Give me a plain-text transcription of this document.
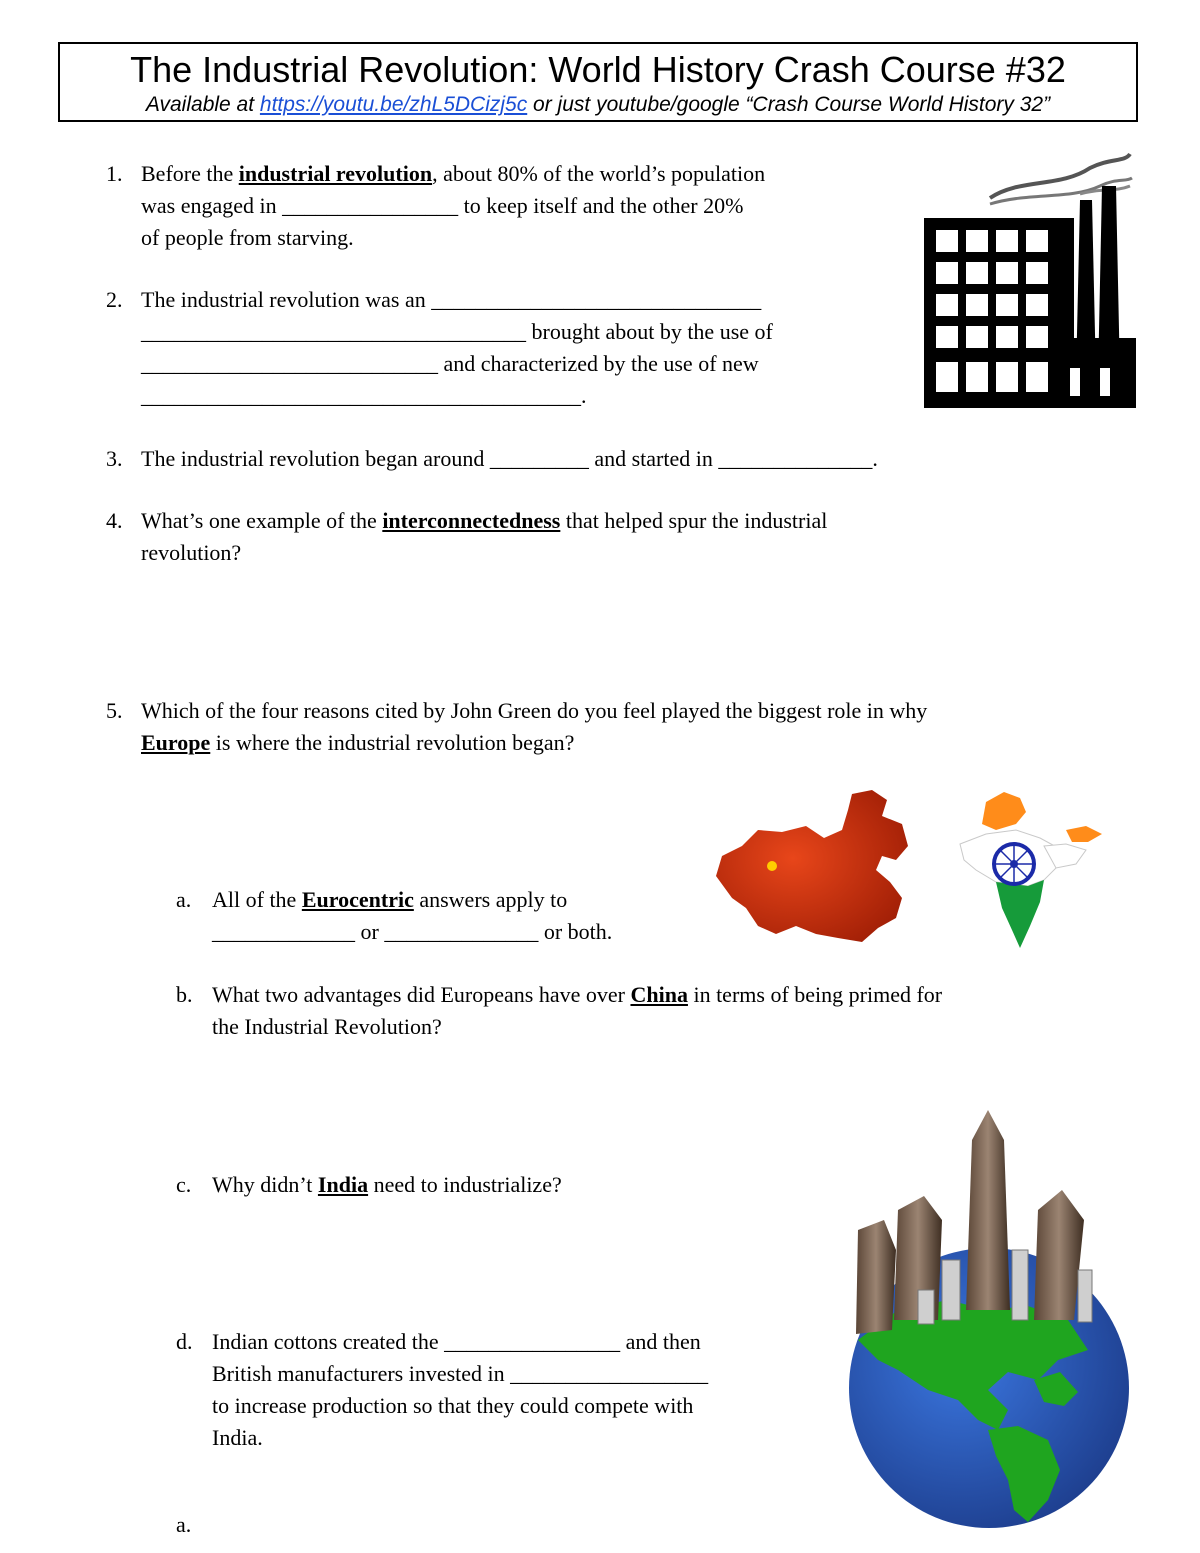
The Industrial Revolution: World History Crash Course #32
Available at https://youtu.be/zhL5DCizj5c or just youtube/google “Crash Course World History 32”
1. Before the industrial revolution, about 80% of the world’s population
was engaged in ________________ to keep itself and the other 20%
of people from starving.
2. The industrial revolution was an ______________________________
___________________________________ brought about by the use of
___________________________ and characterized by the use of new
________________________________________.
3. The industrial revolution began around _________ and started in ______________.
4. What’s one example of the interconnectedness that helped spur the industrial
revolution?
5. Which of the four reasons cited by John Green do you feel played the biggest role in why
Europe is where the industrial revolution began?
a. All of the Eurocentric answers apply to
_____________ or ______________ or both.
b. What two advantages did Europeans have over China in terms of being primed for
the Industrial Revolution?
c. Why didn’t India need to industrialize?
d. Indian cottons created the ________________ and then
British manufacturers invested in __________________
to increase production so that they could compete with
India.
a.
